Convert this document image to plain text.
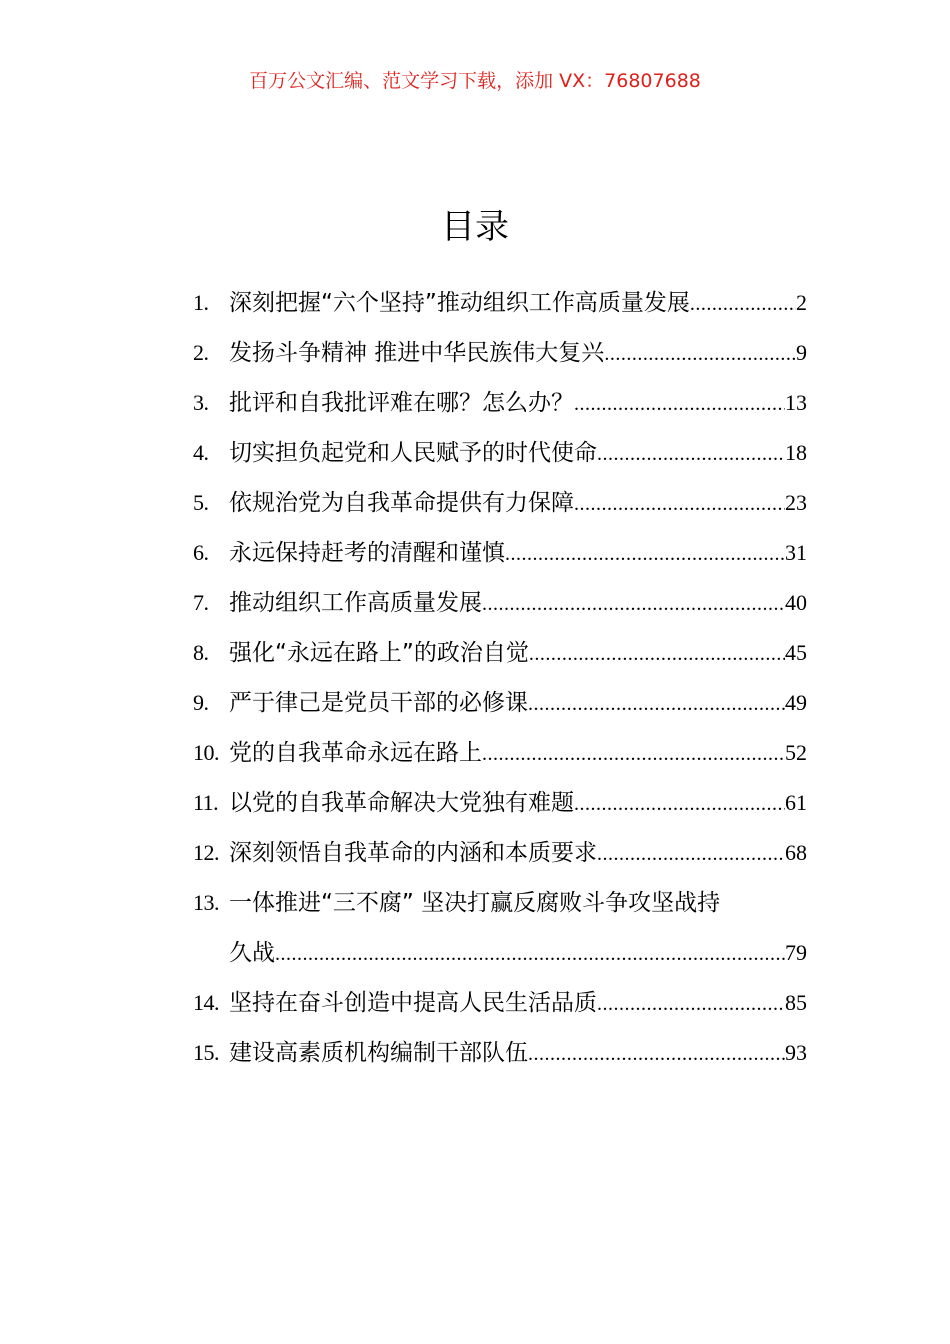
百万公文汇编、范文学习下载，添加 VX：76807688
目录
1. 深刻把握“六个坚持”推动组织工作高质量发展 .....	2
2. 发扬斗争精神 推进中华民族伟大复兴 .....	9
3. 批评和自我批评难在哪？怎么办？ .....	13
4. 切实担负起党和人民赋予的时代使命 .....	18
5. 依规治党为自我革命提供有力保障 .....	23
6. 永远保持赶考的清醒和谨慎 .....	31
7. 推动组织工作高质量发展 .....	40
8. 强化“永远在路上”的政治自觉 .....	45
9. 严于律己是党员干部的必修课 .....	49
10. 党的自我革命永远在路上 .....	52
11. 以党的自我革命解决大党独有难题 .....	61
12. 深刻领悟自我革命的内涵和本质要求 .....	68
13. 一体推进“三不腐” 坚决打赢反腐败斗争攻坚战持
久战 .....	79
14. 坚持在奋斗创造中提高人民生活品质 .....	85
15. 建设高素质机构编制干部队伍 .....	93
